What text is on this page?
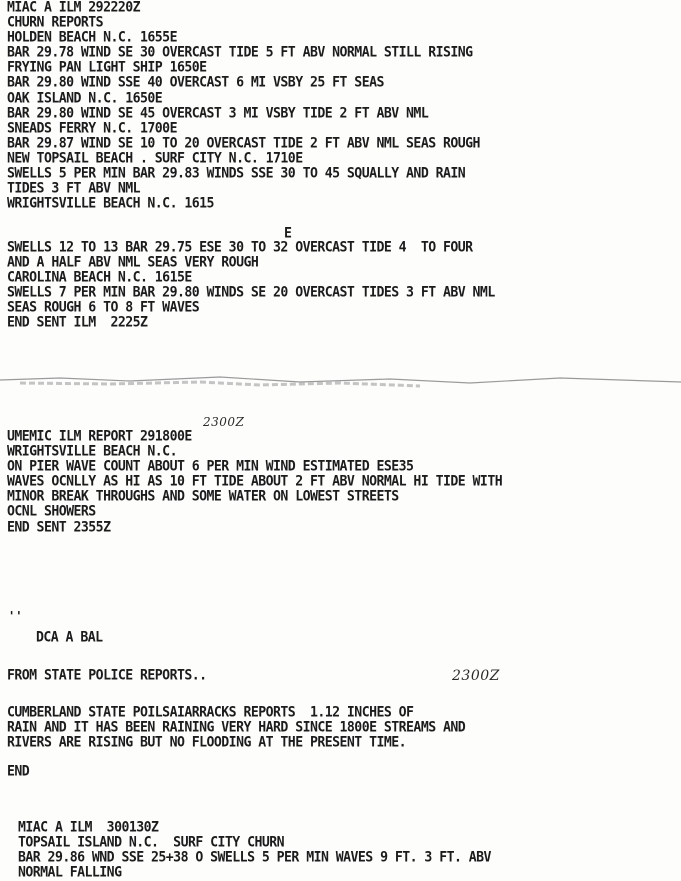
MIAC A ILM 292220Z
CHURN REPORTS
HOLDEN BEACH N.C. 1655E
BAR 29.78 WIND SE 30 OVERCAST TIDE 5 FT ABV NORMAL STILL RISING
FRYING PAN LIGHT SHIP 1650E
BAR 29.80 WIND SSE 40 OVERCAST 6 MI VSBY 25 FT SEAS
OAK ISLAND N.C. 1650E
BAR 29.80 WIND SE 45 OVERCAST 3 MI VSBY TIDE 2 FT ABV NML
SNEADS FERRY N.C. 1700E
BAR 29.87 WIND SE 10 TO 20 OVERCAST TIDE 2 FT ABV NML SEAS ROUGH
NEW TOPSAIL BEACH . SURF CITY N.C. 1710E
SWELLS 5 PER MIN BAR 29.83 WINDS SSE 30 TO 45 SQUALLY AND RAIN
TIDES 3 FT ABV NML
WRIGHTSVILLE BEACH N.C. 1615
E
SWELLS 12 TO 13 BAR 29.75 ESE 30 TO 32 OVERCAST TIDE 4  TO FOUR
AND A HALF ABV NML SEAS VERY ROUGH
CAROLINA BEACH N.C. 1615E
SWELLS 7 PER MIN BAR 29.80 WINDS SE 20 OVERCAST TIDES 3 FT ABV NML
SEAS ROUGH 6 TO 8 FT WAVES
END SENT ILM  2225Z
2300Z
UMEMIC ILM REPORT 291800E
WRIGHTSVILLE BEACH N.C.
ON PIER WAVE COUNT ABOUT 6 PER MIN WIND ESTIMATED ESE35
WAVES OCNLLY AS HI AS 10 FT TIDE ABOUT 2 FT ABV NORMAL HI TIDE WITH
MINOR BREAK THROUGHS AND SOME WATER ON LOWEST STREETS
OCNL SHOWERS
END SENT 2355Z
''
DCA A BAL
FROM STATE POLICE REPORTS..	2300Z
CUMBERLAND STATE POILSAIARRACKS REPORTS  1.12 INCHES OF
RAIN AND IT HAS BEEN RAINING VERY HARD SINCE 1800E STREAMS AND
RIVERS ARE RISING BUT NO FLOODING AT THE PRESENT TIME.
END
MIAC A ILM  300130Z
TOPSAIL ISLAND N.C.  SURF CITY CHURN
BAR 29.86 WND SSE 25+38 O SWELLS 5 PER MIN WAVES 9 FT. 3 FT. ABV
NORMAL FALLING
